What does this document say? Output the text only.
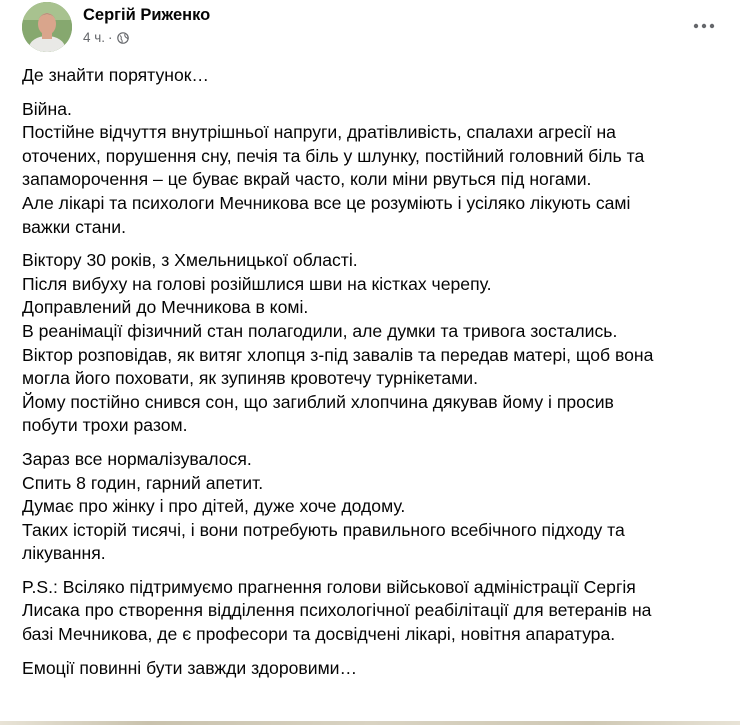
Сергій Риженко
4 ч. ·
Де знайти порятунок…
Війна.
Постійне відчуття внутрішньої напруги, дратівливість, спалахи агресії на
оточених, порушення сну, печія та біль у шлунку, постійний головний біль та
запаморочення – це буває вкрай часто, коли міни рвуться під ногами.
Але лікарі та психологи Мечникова все це розуміють і усіляко лікують самі
важки стани.
Віктору 30 років, з Хмельницької області.
Після вибуху на голові розійшлися шви на кістках черепу.
Доправлений до Мечникова в комі.
В реанімації фізичний стан полагодили, але думки та тривога зостались.
Віктор розповідав, як витяг хлопця з-під завалів та передав матері, щоб вона
могла його поховати, як зупиняв кровотечу турнікетами.
Йому постійно снився сон, що загиблий хлопчина дякував йому і просив
побути трохи разом.
Зараз все нормалізувалося.
Спить 8 годин, гарний апетит.
Думає про жінку і про дітей, дуже хоче додому.
Таких історій тисячі, і вони потребують правильного всебічного підходу та
лікування.
P.S.: Всіляко підтримуємо прагнення голови військової адміністрації Сергія
Лисака про створення відділення психологічної реабілітації для ветеранів на
базі Мечникова, де є професори та досвідчені лікарі, новітня апаратура.
Емоції повинні бути завжди здоровими…
